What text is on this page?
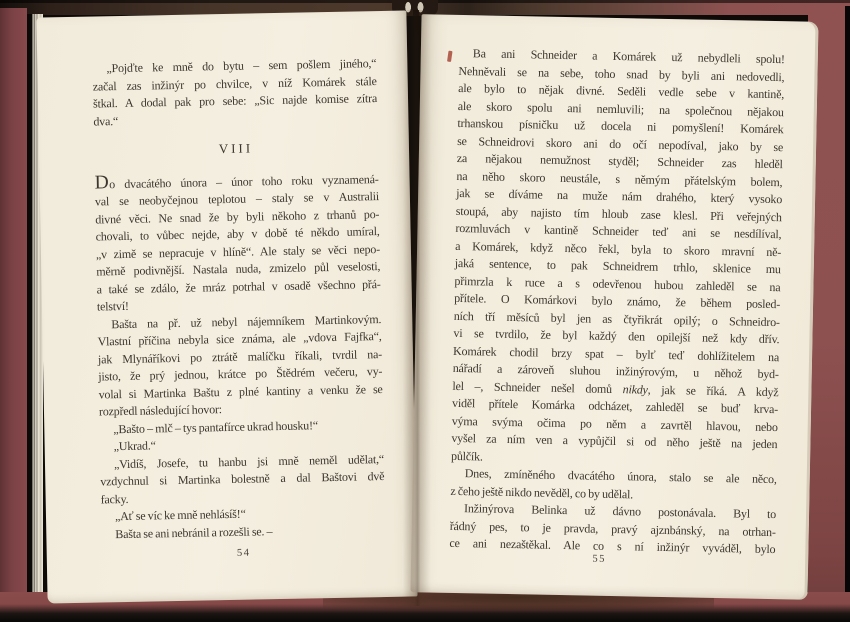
„Pojďte ke mně do bytu – sem pošlem jiného,“
začal zas inžinýr po chvilce, v níž Komárek stále
štkal. A dodal pak pro sebe: „Sic najde komise zítra
dva.“
VIII
Do dvacátého února – únor toho roku vyznamená-
val se neobyčejnou teplotou – staly se v Australii
divné věci. Ne snad že by byli někoho z trhanů po-
chovali, to vůbec nejde, aby v době té někdo umíral,
„v zimě se nepracuje v hlíně“. Ale staly se věci nepo-
měrně podivnější. Nastala nuda, zmizelo půl veselosti,
a také se zdálo, že mráz potrhal v osadě všechno přá-
telství!
Bašta na př. už nebyl nájemníkem Martinkovým.
Vlastní příčina nebyla sice známa, ale „vdova Fajfka“,
jak Mlynáříkovi po ztrátě malíčku říkali, tvrdil na-
jisto, že prý jednou, krátce po Štědrém večeru, vy-
volal si Martinka Baštu z plné kantiny a venku že se
rozpředl následující hovor:
„Bašto – mlč – tys pantafírce ukrad housku!“
„Ukrad.“
„Vidíš, Josefe, tu hanbu jsi mně neměl udělat,“
vzdychnul si Martinka bolestně a dal Baštovi dvě
facky.
„Ať se víc ke mně nehlásíš!“
Bašta se ani nebránil a rozešli se. –
54
Ba ani Schneider a Komárek už nebydleli spolu!
Nehněvali se na sebe, toho snad by byli ani nedovedli,
ale bylo to nějak divné. Seděli vedle sebe v kantině,
ale skoro spolu ani nemluvili; na společnou nějakou
trhanskou písničku už docela ni pomyšlení! Komárek
se Schneidrovi skoro ani do očí nepodíval, jako by se
za nějakou nemužnost styděl; Schneider zas hleděl
na něho skoro neustále, s němým přátelským bolem,
jak se díváme na muže nám drahého, který vysoko
stoupá, aby najisto tím hloub zase klesl. Při veřejných
rozmluvách v kantině Schneider teď ani se nesdílíval,
a Komárek, když něco řekl, byla to skoro mravní ně-
jaká sentence, to pak Schneidrem trhlo, sklenice mu
přimrzla k ruce a s odevřenou hubou zahleděl se na
přítele. O Komárkovi bylo známo, že během posled-
ních tří měsíců byl jen as čtyřikrát opilý; o Schneidro-
vi se tvrdilo, že byl každý den opilejší než kdy dřív.
Komárek chodil brzy spat – bylť teď dohlížitelem na
nářadí a zároveň sluhou inžinýrovým, u něhož byd-
lel –, Schneider nešel domů nikdy, jak se říká. A když
viděl přítele Komárka odcházet, zahleděl se buď krva-
výma svýma očima po něm a zavrtěl hlavou, nebo
vyšel za ním ven a vypůjčil si od něho ještě na jeden
půlčík.
Dnes, zmíněného dvacátého února, stalo se ale něco,
z čeho ještě nikdo nevěděl, co by udělal.
Inžinýrova Belinka už dávno postonávala. Byl to
řádný pes, to je pravda, pravý ajznbánský, na otrhan-
ce ani nezaštěkal. Ale co s ní inžinýr vyváděl, bylo
55
